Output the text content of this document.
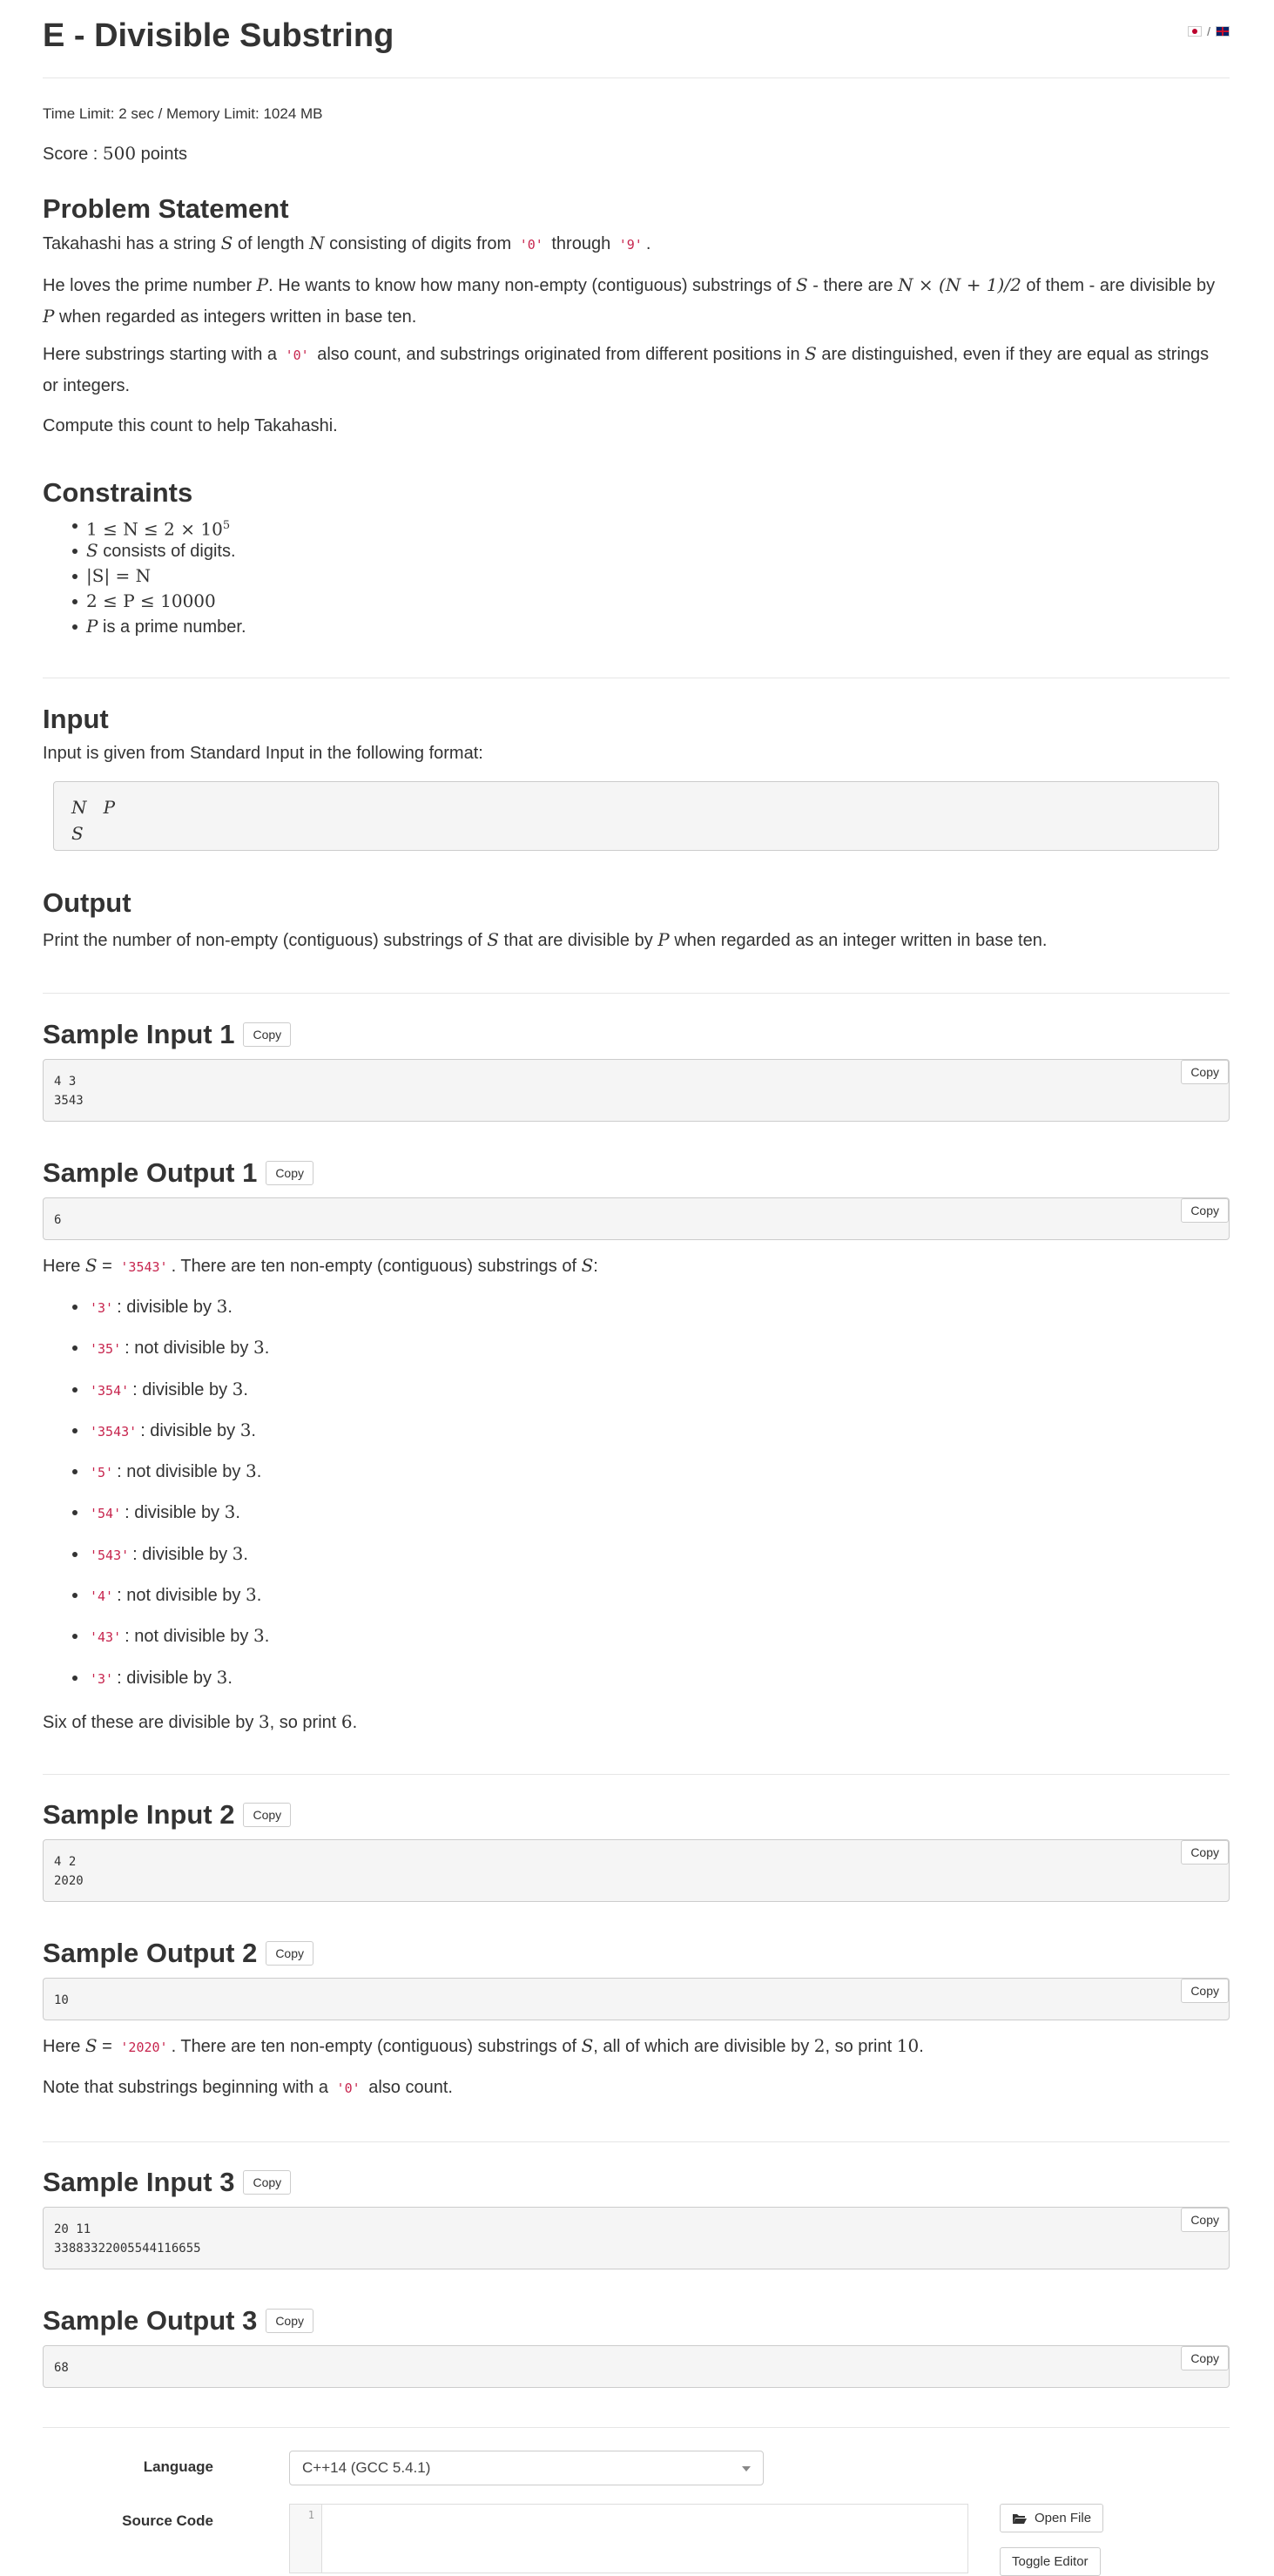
E - Divisible Substring	/
Time Limit: 2 sec / Memory Limit: 1024 MB
Score : 500 points
Problem Statement

Takahashi has a string S of length N consisting of digits from '0' through '9' .

He loves the prime number P. He wants to know how many non-empty (contiguous) substrings of S - there are N × (N + 1)/2 of them - are divisible by
P when regarded as integers written in base ten.

Here substrings starting with a '0' also count, and substrings originated from different positions in S are distinguished, even if they are equal as strings
or integers.

Compute this count to help Takahashi.

Constraints
$1 \le N \le 2 \times 10^5$
S consists of digits.
|S| = N
2 ≤ P ≤ 10000
P is a prime number.
Input

Input is given from Standard Input in the following format:

N   P
S
Output

Print the number of non-empty (contiguous) substrings of S that are divisible by P when regarded as an integer written in base ten.

Sample Input 1	Copy
Copy
4 3
3543
Sample Output 1	Copy
Copy
6

Here S = '3543' . There are ten non-empty (contiguous) substrings of S:

'3' : divisible by 3.
'35' : not divisible by 3.
'354' : divisible by 3.
'3543' : divisible by 3.
'5' : not divisible by 3.
'54' : divisible by 3.
'543' : divisible by 3.
'4' : not divisible by 3.
'43' : not divisible by 3.
'3' : divisible by 3.

Six of these are divisible by 3, so print 6.

Sample Input 2	Copy
Copy
4 2
2020
Sample Output 2	Copy
Copy
10

Here S = '2020' . There are ten non-empty (contiguous) substrings of S, all of which are divisible by 2, so print 10.

Note that substrings beginning with a '0' also count.

Sample Input 3	Copy
Copy
20 11
33883322005544116655
Sample Output 3	Copy
Copy
68
Language	C++14 (GCC 5.4.1)
Source Code	1	Open File
Toggle Editor
